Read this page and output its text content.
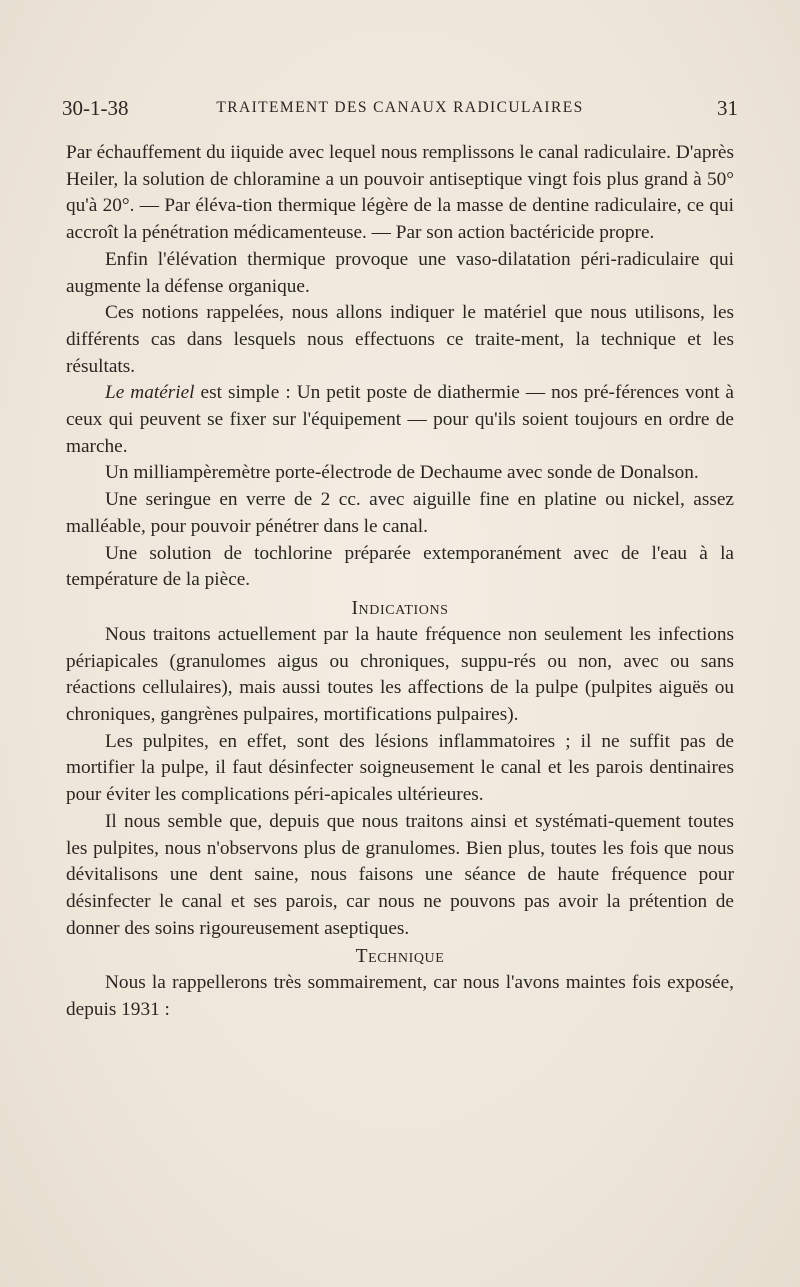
30-1-38	TRAITEMENT DES CANAUX RADICULAIRES	31

Par échauffement du iiquide avec lequel nous remplissons le canal radiculaire. D'après Heiler, la solution de chloramine a un pouvoir antiseptique vingt fois plus grand à 50° qu'à 20°. — Par éléva-tion thermique légère de la masse de dentine radiculaire, ce qui accroît la pénétration médicamenteuse. — Par son action bactéricide propre.

Enfin l'élévation thermique provoque une vaso-dilatation péri-radiculaire qui augmente la défense organique.

Ces notions rappelées, nous allons indiquer le matériel que nous utilisons, les différents cas dans lesquels nous effectuons ce traite-ment, la technique et les résultats.

Le matériel est simple : Un petit poste de diathermie — nos pré-férences vont à ceux qui peuvent se fixer sur l'équipement — pour qu'ils soient toujours en ordre de marche.

Un milliampèremètre porte-électrode de Dechaume avec sonde de Donalson.

Une seringue en verre de 2 cc. avec aiguille fine en platine ou nickel, assez malléable, pour pouvoir pénétrer dans le canal.

Une solution de tochlorine préparée extemporanément avec de l'eau à la température de la pièce.

Indications

Nous traitons actuellement par la haute fréquence non seulement les infections périapicales (granulomes aigus ou chroniques, suppu-rés ou non, avec ou sans réactions cellulaires), mais aussi toutes les affections de la pulpe (pulpites aiguës ou chroniques, gangrènes pulpaires, mortifications pulpaires).

Les pulpites, en effet, sont des lésions inflammatoires ; il ne suffit pas de mortifier la pulpe, il faut désinfecter soigneusement le canal et les parois dentinaires pour éviter les complications péri-apicales ultérieures.

Il nous semble que, depuis que nous traitons ainsi et systémati-quement toutes les pulpites, nous n'observons plus de granulomes. Bien plus, toutes les fois que nous dévitalisons une dent saine, nous faisons une séance de haute fréquence pour désinfecter le canal et ses parois, car nous ne pouvons pas avoir la prétention de donner des soins rigoureusement aseptiques.

Technique

Nous la rappellerons très sommairement, car nous l'avons maintes fois exposée, depuis 1931 :
